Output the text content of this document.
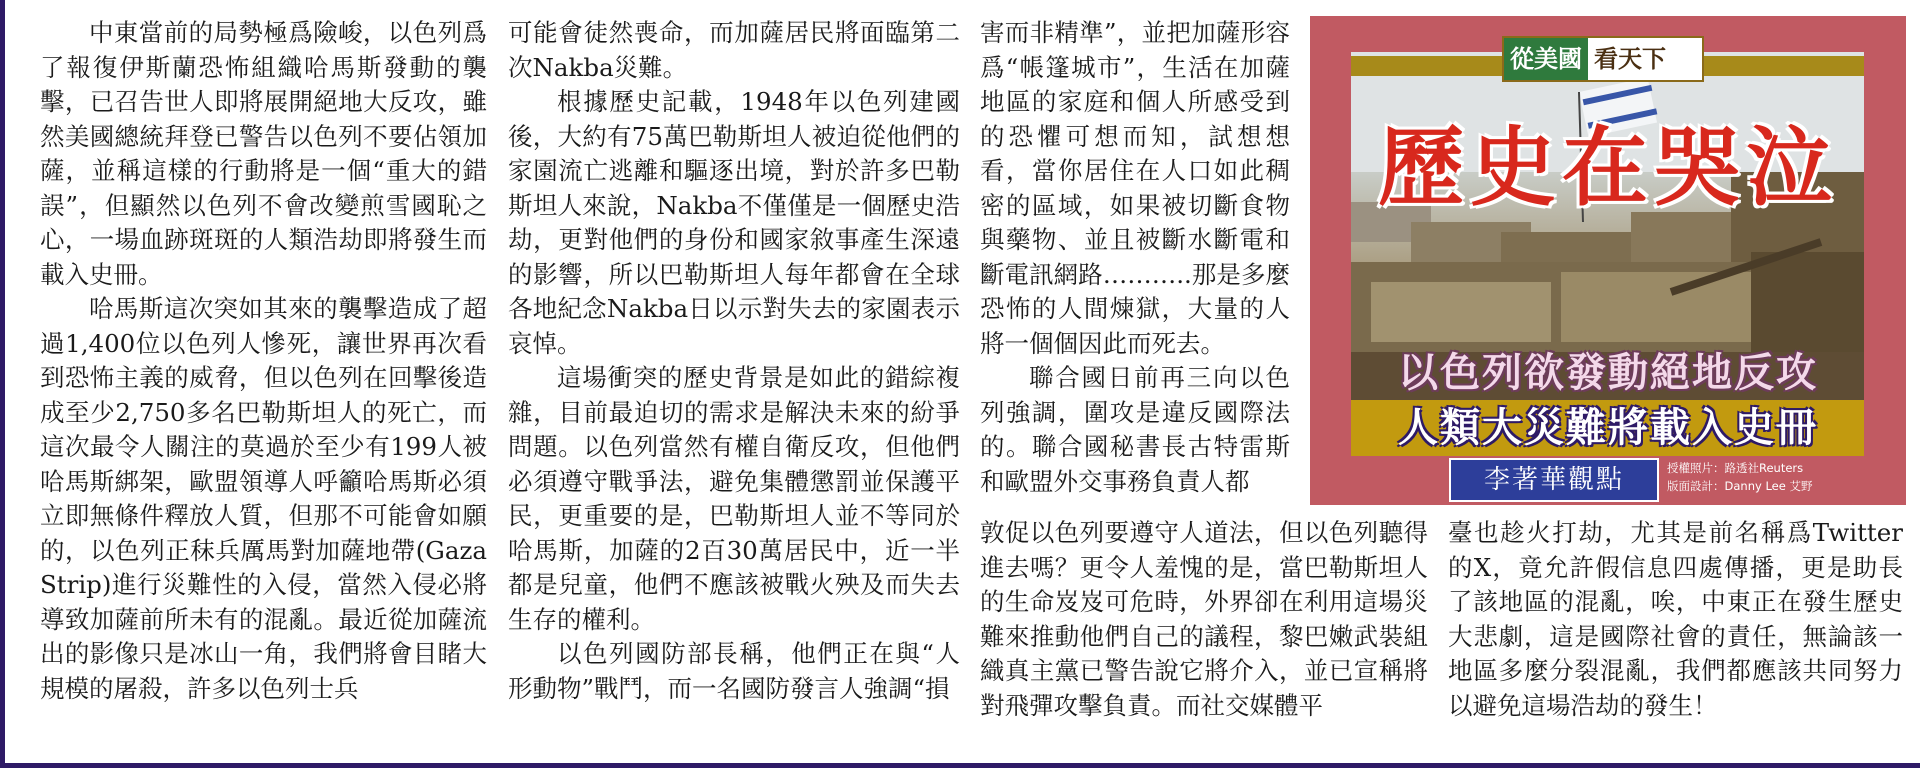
中東當前的局勢極爲險峻，以色列爲了報復伊斯蘭恐怖組織哈馬斯發動的襲擊，已召告世人即將展開絕地大反攻，雖然美國總統拜登已警告以色列不要佔領加薩，並稱這樣的行動將是一個“重大的錯誤”，但顯然以色列不會改變煎雪國恥之心，一場血跡斑斑的人類浩劫即將發生而載入史冊。

哈馬斯這次突如其來的襲擊造成了超過1,400位以色列人慘死，讓世界再次看到恐怖主義的威脅，但以色列在回擊後造成至少2,750多名巴勒斯坦人的死亡，而這次最令人關注的莫過於至少有199人被哈馬斯綁架，歐盟領導人呼籲哈馬斯必須立即無條件釋放人質，但那不可能會如願的，以色列正秣兵厲馬對加薩地帶(Gaza Strip)進行災難性的入侵，當然入侵必將導致加薩前所未有的混亂。最近從加薩流出的影像只是冰山一角，我們將會目睹大規模的屠殺，許多以色列士兵

可能會徒然喪命，而加薩居民將面臨第二次Nakba災難。

根據歷史記載，1948年以色列建國後，大約有75萬巴勒斯坦人被迫從他們的家園流亡逃離和驅逐出境，對於許多巴勒斯坦人來說，Nakba不僅僅是一個歷史浩劫，更對他們的身份和國家敘事產生深遠的影響，所以巴勒斯坦人每年都會在全球各地紀念Nakba日以示對失去的家園表示哀悼。

這場衝突的歷史背景是如此的錯綜複雜，目前最迫切的需求是解決未來的紛爭問題。以色列當然有權自衛反攻，但他們必須遵守戰爭法，避免集體懲罰並保護平民，更重要的是，巴勒斯坦人並不等同於哈馬斯，加薩的2百30萬居民中，近一半都是兒童，他們不應該被戰火殃及而失去生存的權利。

以色列國防部長稱，他們正在與“人形動物”戰鬥，而一名國防發言人強調“損

害而非精準”，並把加薩形容爲“帳篷城市”，生活在加薩地區的家庭和個人所感受到的恐懼可想而知，試想想看，當你居住在人口如此稠密的區域，如果被切斷食物與藥物、並且被斷水斷電和斷電訊網路………..那是多麼恐怖的人間煉獄，大量的人將一個個因此而死去。

聯合國日前再三向以色列強調，圍攻是違反國際法的。聯合國秘書長古特雷斯和歐盟外交事務負責人都

敦促以色列要遵守人道法，但以色列聽得進去嗎？更令人羞愧的是，當巴勒斯坦人的生命岌岌可危時，外界卻在利用這場災難來推動他們自己的議程，黎巴嫩武裝組織真主黨已警告說它將介入，並已宣稱將對飛彈攻擊負責。而社交媒體平

臺也趁火打劫，尤其是前名稱爲Twitter的X，竟允許假信息四處傳播，更是助長了該地區的混亂，唉，中東正在發生歷史大悲劇，這是國際社會的責任，無論該一地區多麼分裂混亂，我們都應該共同努力以避免這場浩劫的發生！

從美國 看天下
歷史在哭泣
以色列欲發動絕地反攻
人類大災難將載入史冊
李著華觀點	授權照片：路透社Reuters
版面設計：Danny Lee 艾野
